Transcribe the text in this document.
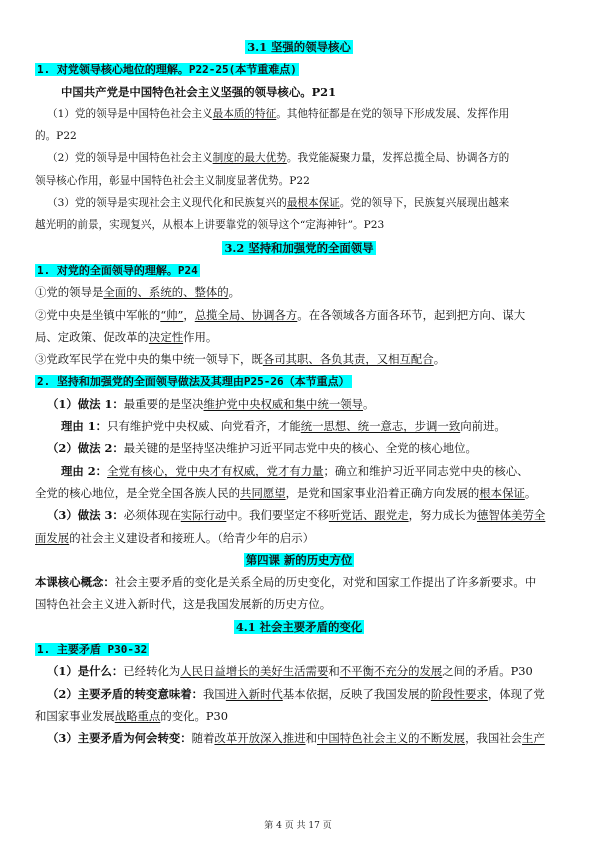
3.1 坚强的领导核心
1. 对党领导核心地位的理解。P22-25(本节重难点)
中国共产党是中国特色社会主义坚强的领导核心。P21
（1）党的领导是中国特色社会主义最本质的特征。其他特征都是在党的领导下形成发展、发挥作用
的。P22
（2）党的领导是中国特色社会主义制度的最大优势。我党能凝聚力量，发挥总揽全局、协调各方的
领导核心作用，彰显中国特色社会主义制度显著优势。P22
（3）党的领导是实现社会主义现代化和民族复兴的最根本保证。党的领导下，民族复兴展现出越来
越光明的前景，实现复兴，从根本上讲要靠党的领导这个“定海神针”。P23
3.2 坚持和加强党的全面领导
1. 对党的全面领导的理解。P24
①党的领导是全面的、系统的、整体的。
②党中央是坐镇中军帐的“帅”，总揽全局、协调各方。在各领域各方面各环节，起到把方向、谋大
局、定政策、促改革的决定性作用。
③党政军民学在党中央的集中统一领导下，既各司其职、各负其责，又相互配合。
2. 坚持和加强党的全面领导做法及其理由P25-26（本节重点）
（1）做法 1：最重要的是坚决维护党中央权威和集中统一领导。
理由 1：只有维护党中央权威、向党看齐，才能统一思想、统一意志，步调一致向前进。
（2）做法 2：最关键的是坚持坚决维护习近平同志党中央的核心、全党的核心地位。
理由 2：全党有核心，党中央才有权威，党才有力量；确立和维护习近平同志党中央的核心、
全党的核心地位，是全党全国各族人民的共同愿望，是党和国家事业沿着正确方向发展的根本保证。
（3）做法 3：必须体现在实际行动中。我们要坚定不移听党话、跟党走，努力成长为德智体美劳全
面发展的社会主义建设者和接班人。（给青少年的启示）
第四课 新的历史方位
本课核心概念：社会主要矛盾的变化是关系全局的历史变化，对党和国家工作提出了许多新要求。中
国特色社会主义进入新时代，这是我国发展新的历史方位。
4.1 社会主要矛盾的变化
1. 主要矛盾 P30-32
（1）是什么：已经转化为人民日益增长的美好生活需要和不平衡不充分的发展之间的矛盾。P30
（2）主要矛盾的转变意味着：我国进入新时代基本依据，反映了我国发展的阶段性要求，体现了党
和国家事业发展战略重点的变化。P30
（3）主要矛盾为何会转变：随着改革开放深入推进和中国特色社会主义的不断发展，我国社会生产
第 4 页 共 17 页
